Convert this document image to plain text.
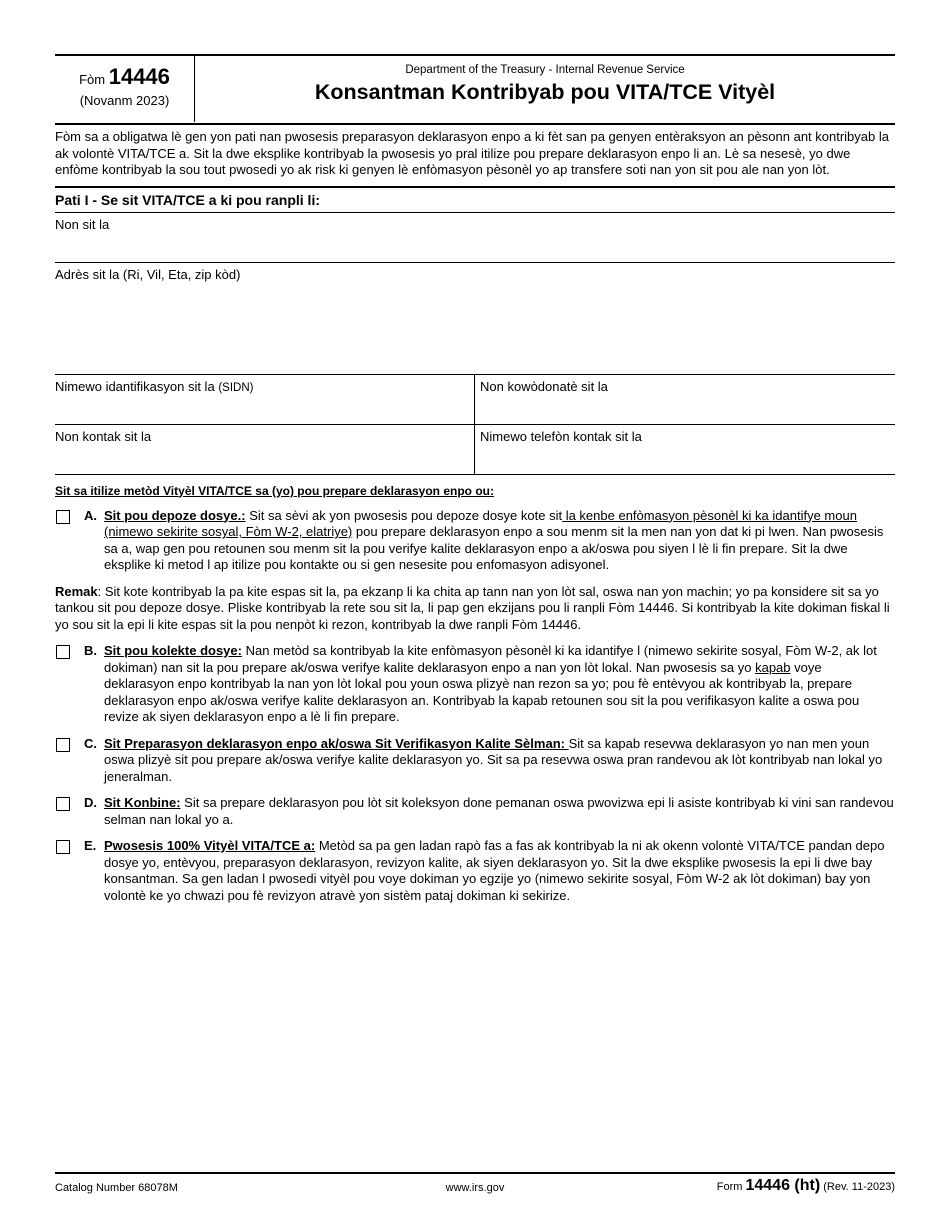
Fòm 14446
(Novanm 2023)
Department of the Treasury - Internal Revenue Service
Konsantman Kontribyab pou VITA/TCE Vityèl
Fòm sa a obligatwa lè gen yon pati nan pwosesis preparasyon deklarasyon enpo a ki fèt san pa genyen entèraksyon an pèsonn ant kontribyab la ak volontè VITA/TCE a. Sit la dwe eksplike kontribyab la pwosesis yo pral itilize pou prepare deklarasyon enpo li an. Lè sa nesesè, yo dwe enfòme kontribyab la sou tout pwosedi yo ak risk ki genyen lè enfòmasyon pèsonèl yo ap transfere soti nan yon sit pou ale nan yon lòt.
Pati I - Se sit VITA/TCE a ki pou ranpli li:
Non sit la
Adrès sit la (Ri, Vil, Eta, zip kòd)
Nimewo idantifikasyon sit la (SIDN)	Non kowòdonatè sit la
Non kontak sit la	Nimewo telefòn kontak sit la
Sit sa itilize metòd Vityèl VITA/TCE sa (yo) pou prepare deklarasyon enpo ou:
A. Sit pou depoze dosye.: Sit sa sèvi ak yon pwosesis pou depoze dosye kote sit la kenbe enfòmasyon pèsonèl ki ka idantifye moun (nimewo sekirite sosyal, Fòm W-2, elatriye) pou prepare deklarasyon enpo a sou menm sit la men nan yon dat ki pi lwen. Nan pwosesis sa a, wap gen pou retounen sou menm sit la pou verifye kalite deklarasyon enpo a ak/oswa pou siyen l lè li fin prepare. Sit la dwe eksplike ki metod l ap itilize pou kontakte ou si gen nesesite pou enfomasyon adisyonel.
Remak: Sit kote kontribyab la pa kite espas sit la, pa ekzanp li ka chita ap tann nan yon lòt sal, oswa nan yon machin; yo pa konsidere sit sa yo tankou sit pou depoze dosye. Pliske kontribyab la rete sou sit la, li pap gen ekzijans pou li ranpli Fòm 14446. Si kontribyab la kite dokiman fiskal li yo sou sit la epi li kite espas sit la pou nenpòt ki rezon, kontribyab la dwe ranpli Fòm 14446.
B. Sit pou kolekte dosye: Nan metòd sa kontribyab la kite enfòmasyon pèsonèl ki ka idantifye l (nimewo sekirite sosyal, Fòm W-2, ak lot dokiman) nan sit la pou prepare ak/oswa verifye kalite deklarasyon enpo a nan yon lòt lokal. Nan pwosesis sa yo kapab voye deklarasyon enpo kontribyab la nan yon lòt lokal pou youn oswa plizyè nan rezon sa yo; pou fè entèvyou ak kontribyab la, prepare deklarasyon enpo ak/oswa verifye kalite deklarasyon an. Kontribyab la kapab retounen sou sit la pou verifikasyon kalite a oswa pou revize ak siyen deklarasyon enpo a lè li fin prepare.
C. Sit Preparasyon deklarasyon enpo ak/oswa Sit Verifikasyon Kalite Sèlman: Sit sa kapab resevwa deklarasyon yo nan men youn oswa plizyè sit pou prepare ak/oswa verifye kalite deklarasyon yo. Sit sa pa resevwa oswa pran randevou ak lòt kontribyab nan lokal yo jeneralman.
D. Sit Konbine: Sit sa prepare deklarasyon pou lòt sit koleksyon done pemanan oswa pwovizwa epi li asiste kontribyab ki vini san randevou selman nan lokal yo a.
E. Pwosesis 100% Vityèl VITA/TCE a: Metòd sa pa gen ladan rapò fas a fas ak kontribyab la ni ak okenn volontè VITA/TCE pandan depo dosye yo, entèvyou, preparasyon deklarasyon, revizyon kalite, ak siyen deklarasyon yo. Sit la dwe eksplike pwosesis la epi li dwe bay konsantman. Sa gen ladan l pwosedi vityèl pou voye dokiman yo egzije yo (nimewo sekirite sosyal, Fòm W-2 ak lòt dokiman) bay yon volontè ke yo chwazi pou fè revizyon atravè yon sistèm pataj dokiman ki sekirize.
Catalog Number 68078M	www.irs.gov	Form 14446 (ht) (Rev. 11-2023)
